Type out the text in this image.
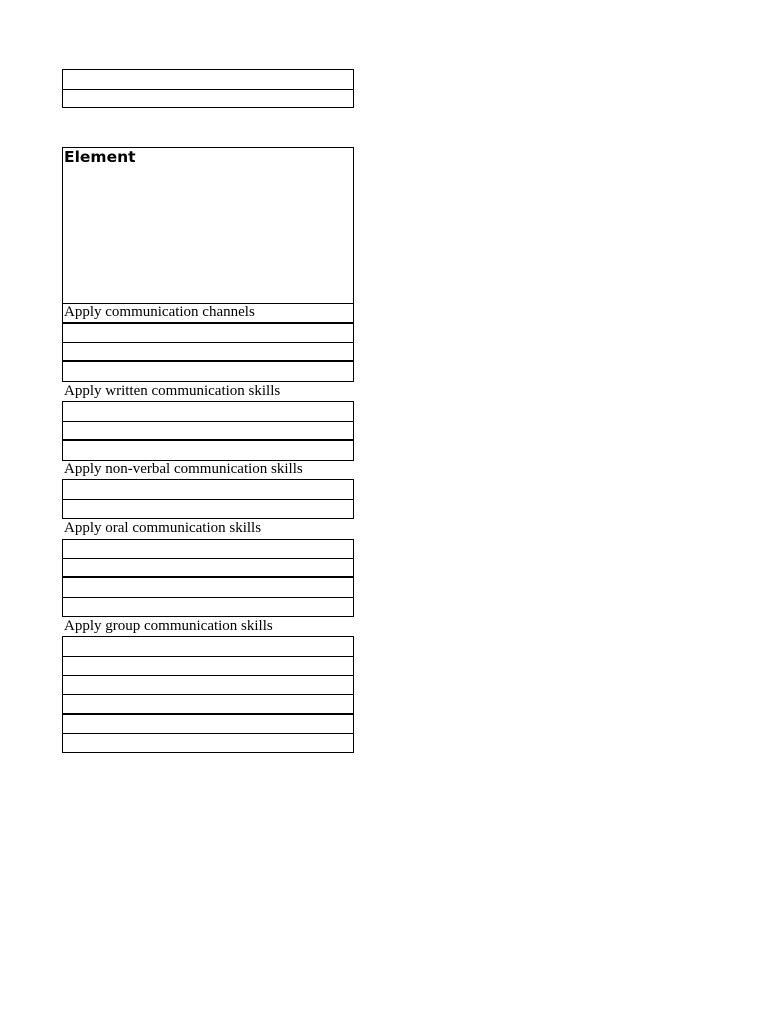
Element
Apply communication channels
Apply written communication skills
Apply non-verbal communication skills
Apply oral communication skills
Apply group communication skills
